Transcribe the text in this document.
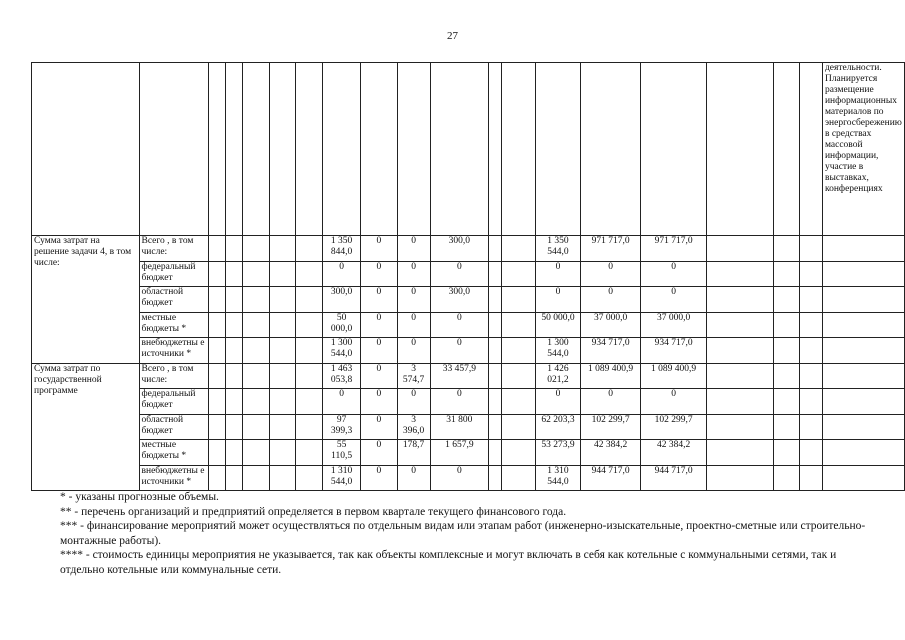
27
																			деятельности. Планируется размещение информационных материалов по энергосбережению в средствах массовой информации, участие в выставках, конференциях
Сумма затрат на решение задачи 4, в том числе:	Всего , в том числе:						1 350 844,0	0	0	300,0			1 350 544,0	971 717,0	971 717,0				
	федеральный бюджет						0	0	0	0			0	0	0				
	областной бюджет						300,0	0	0	300,0			0	0	0				
	местные бюджеты *						50 000,0	0	0	0			50 000,0	37 000,0	37 000,0				
	внебюджетны е источники *						1 300 544,0	0	0	0			1 300 544,0	934 717,0	934 717,0				
Сумма затрат по государственной программе	Всего , в том числе:						1 463 053,8	0	3 574,7	33 457,9			1 426 021,2	1 089 400,9	1 089 400,9				
	федеральный бюджет						0	0	0	0			0	0	0				
	областной бюджет						97 399,3	0	3 396,0	31 800			62 203,3	102 299,7	102 299,7				
	местные бюджеты *						55 110,5	0	178,7	1 657,9			53 273,9	42 384,2	42 384,2				
	внебюджетны е источники *						1 310 544,0	0	0	0			1 310 544,0	944 717,0	944 717,0				

* - указаны прогнозные объемы.

** - перечень организаций и предприятий определяется в первом квартале текущего финансового года.

*** - финансирование мероприятий может осуществляться по отдельным видам или этапам работ (инженерно-изыскательные, проектно-сметные или строительно-монтажные работы).

**** - стоимость единицы мероприятия не указывается, так как объекты комплексные и могут включать в себя как котельные с коммунальными сетями, так и отдельно котельные или коммунальные сети.
